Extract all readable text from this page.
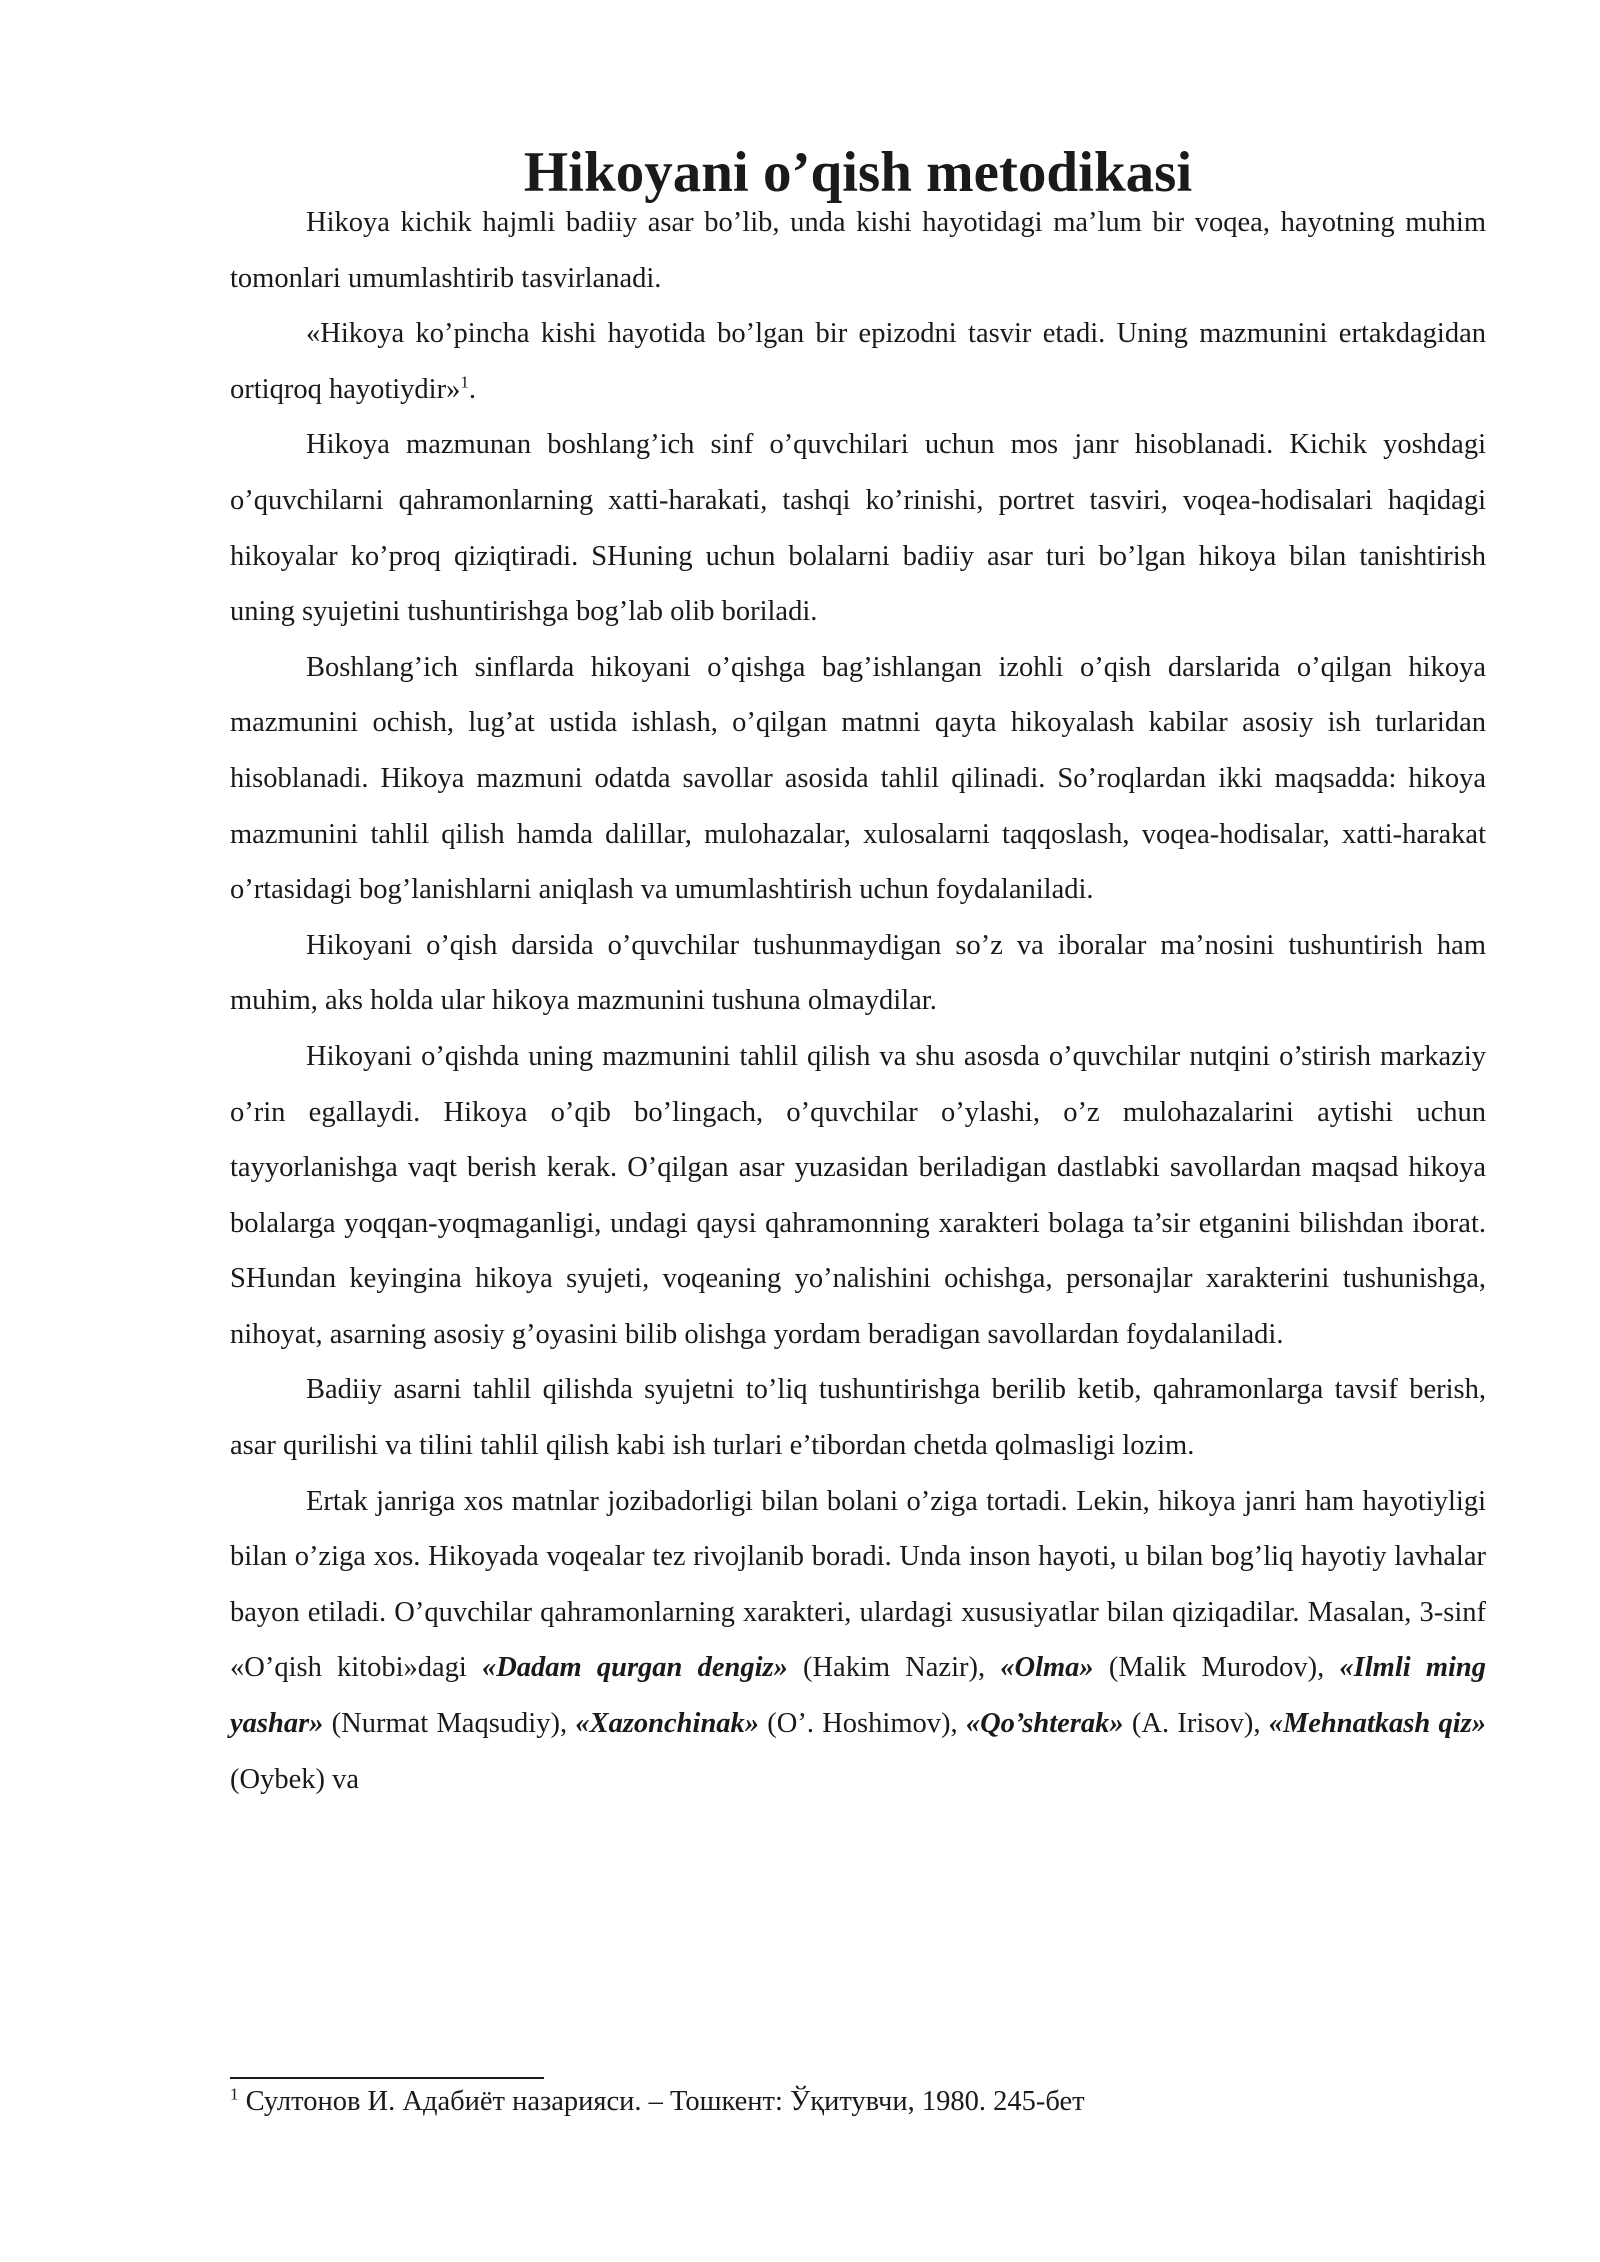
Hikoyani o’qish metodikasi

Hikoya kichik hajmli badiiy asar bo’lib, unda kishi hayotidagi ma’lum bir voqea, hayotning muhim tomonlari umumlashtirib tasvirlanadi.

«Hikoya ko’pincha kishi hayotida bo’lgan bir epizodni tasvir etadi. Uning mazmunini ertakdagidan ortiqroq hayotiydir»$^1$.

Hikoya mazmunan boshlang’ich sinf o’quvchilari uchun mos janr hisoblanadi. Kichik yoshdagi o’quvchilarni qahramonlarning xatti-harakati, tashqi ko’rinishi, portret tasviri, voqea-hodisalari haqidagi hikoyalar ko’proq qiziqtiradi. SHuning uchun bolalarni badiiy asar turi bo’lgan hikoya bilan tanishtirish uning syujetini tushuntirishga bog’lab olib boriladi.

Boshlang’ich sinflarda hikoyani o’qishga bag’ishlangan izohli o’qish darslarida o’qilgan hikoya mazmunini ochish, lug’at ustida ishlash, o’qilgan matnni qayta hikoyalash kabilar asosiy ish turlaridan hisoblanadi. Hikoya mazmuni odatda savollar asosida tahlil qilinadi. So’roqlardan ikki maqsadda: hikoya mazmunini tahlil qilish hamda dalillar, mulohazalar, xulosalarni taqqoslash, voqea-hodisalar, xatti-harakat o’rtasidagi bog’lanishlarni aniqlash va umumlashtirish uchun foydalaniladi.

Hikoyani o’qish darsida o’quvchilar tushunmaydigan so’z va iboralar ma’nosini tushuntirish ham muhim, aks holda ular hikoya mazmunini tushuna olmaydilar.

Hikoyani o’qishda uning mazmunini tahlil qilish va shu asosda o’quvchilar nutqini o’stirish markaziy o’rin egallaydi. Hikoya o’qib bo’lingach, o’quvchilar o’ylashi, o’z mulohazalarini aytishi uchun tayyorlanishga vaqt berish kerak. O’qilgan asar yuzasidan beriladigan dastlabki savollardan maqsad hikoya bolalarga yoqqan-yoqmaganligi, undagi qaysi qahramonning xarakteri bolaga ta’sir etganini bilishdan iborat. SHundan keyingina hikoya syujeti, voqeaning yo’nalishini ochishga, personajlar xarakterini tushunishga, nihoyat, asarning asosiy g’oyasini bilib olishga yordam beradigan savollardan foydalaniladi.

Badiiy asarni tahlil qilishda syujetni to’liq tushuntirishga berilib ketib, qahramonlarga tavsif berish, asar qurilishi va tilini tahlil qilish kabi ish turlari e’tibordan chetda qolmasligi lozim.

Ertak janriga xos matnlar jozibadorligi bilan bolani o’ziga tortadi. Lekin, hikoya janri ham hayotiyligi bilan o’ziga xos. Hikoyada voqealar tez rivojlanib boradi. Unda inson hayoti, u bilan bog’liq hayotiy lavhalar bayon etiladi. O’quvchilar qahramonlarning xarakteri, ulardagi xususiyatlar bilan qiziqadilar. Masalan, 3-sinf «O’qish kitobi»dagi «Dadam qurgan dengiz» (Hakim Nazir), «Olma» (Malik Murodov), «Ilmli ming yashar» (Nurmat Maqsudiy), «Xazonchinak» (O’. Hoshimov), «Qo’shterak» (A. Irisov), «Mehnatkash qiz» (Oybek) va

$^1$ Султонов И. Адабиёт назарияси. – Тошкент: Ўқитувчи, 1980. 245-бет
